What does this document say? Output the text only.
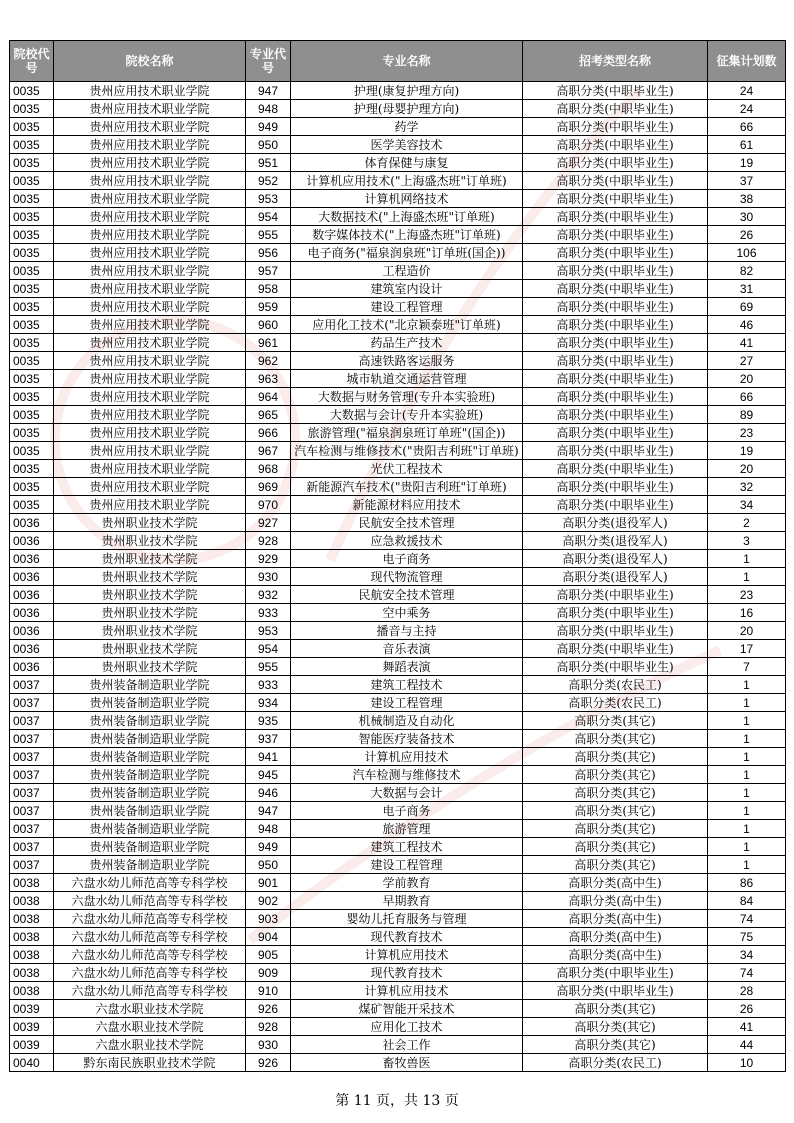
院校代号	院校名称	专业代号	专业名称	招考类型名称	征集计划数
0035	贵州应用技术职业学院	947	护理(康复护理方向)	高职分类(中职毕业生)	24
0035	贵州应用技术职业学院	948	护理(母婴护理方向)	高职分类(中职毕业生)	24
0035	贵州应用技术职业学院	949	药学	高职分类(中职毕业生)	66
0035	贵州应用技术职业学院	950	医学美容技术	高职分类(中职毕业生)	61
0035	贵州应用技术职业学院	951	体育保健与康复	高职分类(中职毕业生)	19
0035	贵州应用技术职业学院	952	计算机应用技术("上海盛杰班"订单班)	高职分类(中职毕业生)	37
0035	贵州应用技术职业学院	953	计算机网络技术	高职分类(中职毕业生)	38
0035	贵州应用技术职业学院	954	大数据技术("上海盛杰班"订单班)	高职分类(中职毕业生)	30
0035	贵州应用技术职业学院	955	数字媒体技术("上海盛杰班"订单班)	高职分类(中职毕业生)	26
0035	贵州应用技术职业学院	956	电子商务("福泉润泉班"订单班(国企))	高职分类(中职毕业生)	106
0035	贵州应用技术职业学院	957	工程造价	高职分类(中职毕业生)	82
0035	贵州应用技术职业学院	958	建筑室内设计	高职分类(中职毕业生)	31
0035	贵州应用技术职业学院	959	建设工程管理	高职分类(中职毕业生)	69
0035	贵州应用技术职业学院	960	应用化工技术("北京颖泰班"订单班)	高职分类(中职毕业生)	46
0035	贵州应用技术职业学院	961	药品生产技术	高职分类(中职毕业生)	41
0035	贵州应用技术职业学院	962	高速铁路客运服务	高职分类(中职毕业生)	27
0035	贵州应用技术职业学院	963	城市轨道交通运营管理	高职分类(中职毕业生)	20
0035	贵州应用技术职业学院	964	大数据与财务管理(专升本实验班)	高职分类(中职毕业生)	66
0035	贵州应用技术职业学院	965	大数据与会计(专升本实验班)	高职分类(中职毕业生)	89
0035	贵州应用技术职业学院	966	旅游管理("福泉润泉班订单班"(国企))	高职分类(中职毕业生)	23
0035	贵州应用技术职业学院	967	汽车检测与维修技术("贵阳吉利班"订单班)	高职分类(中职毕业生)	19
0035	贵州应用技术职业学院	968	光伏工程技术	高职分类(中职毕业生)	20
0035	贵州应用技术职业学院	969	新能源汽车技术("贵阳吉利班"订单班)	高职分类(中职毕业生)	32
0035	贵州应用技术职业学院	970	新能源材料应用技术	高职分类(中职毕业生)	34
0036	贵州职业技术学院	927	民航安全技术管理	高职分类(退役军人)	2
0036	贵州职业技术学院	928	应急救援技术	高职分类(退役军人)	3
0036	贵州职业技术学院	929	电子商务	高职分类(退役军人)	1
0036	贵州职业技术学院	930	现代物流管理	高职分类(退役军人)	1
0036	贵州职业技术学院	932	民航安全技术管理	高职分类(中职毕业生)	23
0036	贵州职业技术学院	933	空中乘务	高职分类(中职毕业生)	16
0036	贵州职业技术学院	953	播音与主持	高职分类(中职毕业生)	20
0036	贵州职业技术学院	954	音乐表演	高职分类(中职毕业生)	17
0036	贵州职业技术学院	955	舞蹈表演	高职分类(中职毕业生)	7
0037	贵州装备制造职业学院	933	建筑工程技术	高职分类(农民工)	1
0037	贵州装备制造职业学院	934	建设工程管理	高职分类(农民工)	1
0037	贵州装备制造职业学院	935	机械制造及自动化	高职分类(其它)	1
0037	贵州装备制造职业学院	937	智能医疗装备技术	高职分类(其它)	1
0037	贵州装备制造职业学院	941	计算机应用技术	高职分类(其它)	1
0037	贵州装备制造职业学院	945	汽车检测与维修技术	高职分类(其它)	1
0037	贵州装备制造职业学院	946	大数据与会计	高职分类(其它)	1
0037	贵州装备制造职业学院	947	电子商务	高职分类(其它)	1
0037	贵州装备制造职业学院	948	旅游管理	高职分类(其它)	1
0037	贵州装备制造职业学院	949	建筑工程技术	高职分类(其它)	1
0037	贵州装备制造职业学院	950	建设工程管理	高职分类(其它)	1
0038	六盘水幼儿师范高等专科学校	901	学前教育	高职分类(高中生)	86
0038	六盘水幼儿师范高等专科学校	902	早期教育	高职分类(高中生)	84
0038	六盘水幼儿师范高等专科学校	903	婴幼儿托育服务与管理	高职分类(高中生)	74
0038	六盘水幼儿师范高等专科学校	904	现代教育技术	高职分类(高中生)	75
0038	六盘水幼儿师范高等专科学校	905	计算机应用技术	高职分类(高中生)	34
0038	六盘水幼儿师范高等专科学校	909	现代教育技术	高职分类(中职毕业生)	74
0038	六盘水幼儿师范高等专科学校	910	计算机应用技术	高职分类(中职毕业生)	28
0039	六盘水职业技术学院	926	煤矿智能开采技术	高职分类(其它)	26
0039	六盘水职业技术学院	928	应用化工技术	高职分类(其它)	41
0039	六盘水职业技术学院	930	社会工作	高职分类(其它)	44
0040	黔东南民族职业技术学院	926	畜牧兽医	高职分类(农民工)	10
第 11 页，共 13 页
